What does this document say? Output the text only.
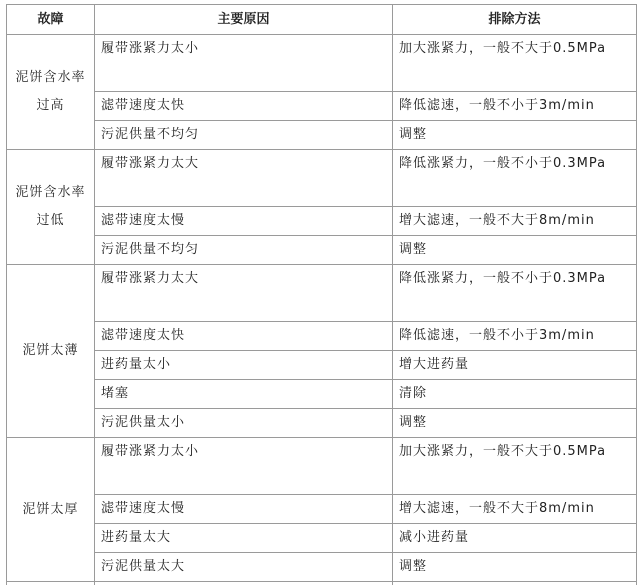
故障	主要原因	排除方法
泥饼含水率过高	履带涨紧力太小	加大涨紧力，一般不大于0.5MPa
	滤带速度太快	降低滤速，一般不小于3m/min
	污泥供量不均匀	调整
泥饼含水率过低	履带涨紧力太大	降低涨紧力，一般不小于0.3MPa
	滤带速度太慢	增大滤速，一般不大于8m/min
	污泥供量不均匀	调整
泥饼太薄	履带涨紧力太大	降低涨紧力，一般不小于0.3MPa
	滤带速度太快	降低滤速，一般不小于3m/min
	进药量太小	增大进药量
	堵塞	清除
	污泥供量太小	调整
泥饼太厚	履带涨紧力太小	加大涨紧力，一般不大于0.5MPa
	滤带速度太慢	增大滤速，一般不大于8m/min
	进药量太大	减小进药量
	污泥供量太大	调整
